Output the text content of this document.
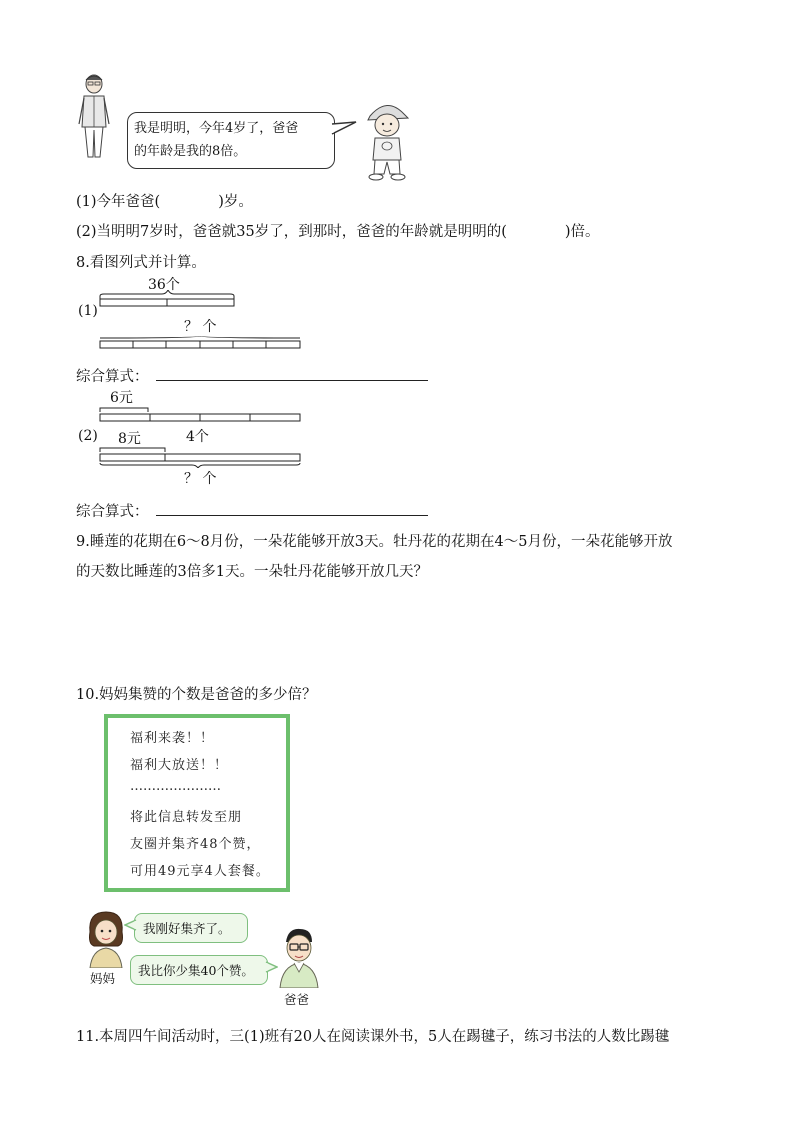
我是明明，今年4岁了，爸爸
的年龄是我的8倍。
(1)今年爸爸(　　　　)岁。
(2)当明明7岁时，爸爸就35岁了，到那时，爸爸的年龄就是明明的(　　　　)倍。
8.看图列式并计算。
36个
(1)
？ 个
综合算式：
6元
(2) 8元	4个
？ 个
综合算式：
9.睡莲的花期在6～8月份，一朵花能够开放3天。牡丹花的花期在4～5月份，一朵花能够开放
的天数比睡莲的3倍多1天。一朵牡丹花能够开放几天？
10.妈妈集赞的个数是爸爸的多少倍？
福利来袭！！
福利大放送！！
…………………
将此信息转发至朋
友圈并集齐48个赞，
可用49元享4人套餐。
我刚好集齐了。
妈妈
我比你少集40个赞。
爸爸
11.本周四午间活动时，三(1)班有20人在阅读课外书，5人在踢毽子，练习书法的人数比踢毽
